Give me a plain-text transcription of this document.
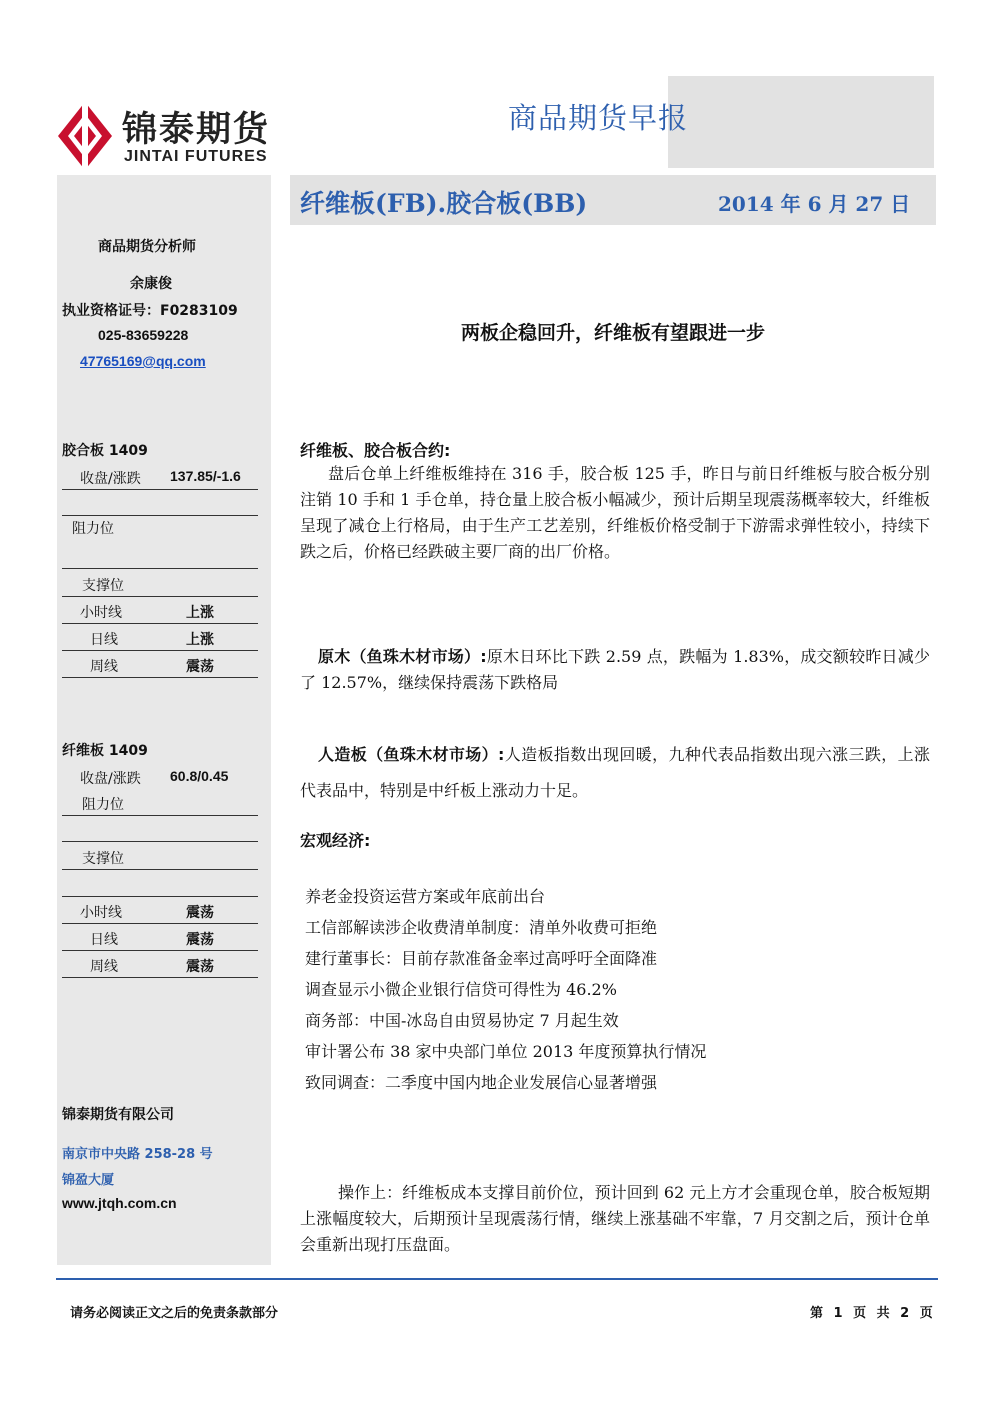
锦泰期货
JINTAI FUTURES
商品期货早报
商品期货分析师
余康俊
执业资格证号：F0283109
025-83659228
47765169@qq.com
胶合板 1409
收盘/涨跌 137.85/-1.6
阻力位
支撑位
小时线	上涨
日线	上涨
周线	震荡
纤维板 1409
收盘/涨跌 60.8/0.45
阻力位
支撑位
小时线	震荡
日线	震荡
周线	震荡
锦泰期货有限公司
南京市中央路 258-28 号
锦盈大厦
www.jtqh.com.cn
纤维板(FB).胶合板(BB)	2014 年 6 月 27 日
两板企稳回升，纤维板有望跟进一步
纤维板、胶合板合约:
盘后仓单上纤维板维持在 316 手，胶合板 125 手，昨日与前日纤维板与胶合板分别注销 10 手和 1 手仓单，持仓量上胶合板小幅减少，预计后期呈现震荡概率较大，纤维板呈现了减仓上行格局，由于生产工艺差别，纤维板价格受制于下游需求弹性较小，持续下跌之后，价格已经跌破主要厂商的出厂价格。
原木（鱼珠木材市场）:原木日环比下跌 2.59 点，跌幅为 1.83%，成交额较昨日减少了 12.57%，继续保持震荡下跌格局
人造板（鱼珠木材市场）:人造板指数出现回暖，九种代表品指数出现六涨三跌，上涨代表品中，特别是中纤板上涨动力十足。
宏观经济:
养老金投资运营方案或年底前出台
工信部解读涉企收费清单制度：清单外收费可拒绝
建行董事长：目前存款准备金率过高呼吁全面降准
调查显示小微企业银行信贷可得性为 46.2%
商务部：中国-冰岛自由贸易协定 7 月起生效
审计署公布 38 家中央部门单位 2013 年度预算执行情况
致同调查：二季度中国内地企业发展信心显著增强
操作上：纤维板成本支撑目前价位，预计回到 62 元上方才会重现仓单，胶合板短期上涨幅度较大，后期预计呈现震荡行情，继续上涨基础不牢靠，7 月交割之后，预计仓单会重新出现打压盘面。
请务必阅读正文之后的免责条款部分	第 1 页 共 2 页
